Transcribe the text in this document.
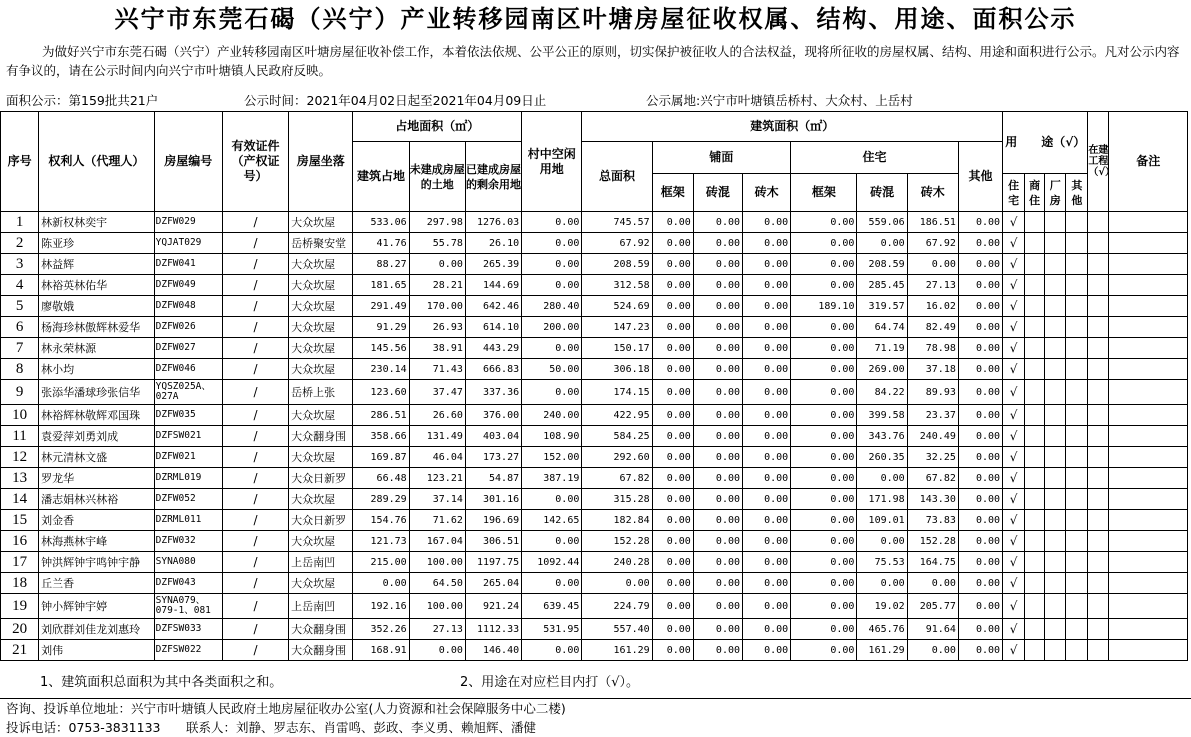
兴宁市东莞石碣（兴宁）产业转移园南区叶塘房屋征收权属、结构、用途、面积公示
为做好兴宁市东莞石碣（兴宁）产业转移园南区叶塘房屋征收补偿工作，本着依法依规、公平公正的原则，切实保护被征收人的合法权益，现将所征收的房屋权属、结构、用途和面积进行公示。凡对公示内容有争议的，请在公示时间内向兴宁市叶塘镇人民政府反映。
面积公示：第159批共21户	公示时间：2021年04月02日起至2021年04月09日止	公示属地:兴宁市叶塘镇岳桥村、大众村、上岳村
序号	权利人（代理人）	房屋编号	有效证件（产权证号）	房屋坐落	占地面积（㎡）			村中空闲用地	建筑面积（㎡）								用　　途（√）				在建工程（√）	备注
					建筑占地	未建成房屋的土地	已建成房屋的剩余用地		总面积	铺面			住宅			其他						
										框架	砖混	砖木	框架	砖混	砖木		住宅	商住	厂房	其他		
1	林新权林奕宇	DZFW029	/	大众坎屋	533.06	297.98	1276.03	0.00	745.57	0.00	0.00	0.00	0.00	559.06	186.51	0.00	√					
2	陈亚珍	YQJAT029	/	岳桥聚安堂	41.76	55.78	26.10	0.00	67.92	0.00	0.00	0.00	0.00	0.00	67.92	0.00	√					
3	林益辉	DZFW041	/	大众坎屋	88.27	0.00	265.39	0.00	208.59	0.00	0.00	0.00	0.00	208.59	0.00	0.00	√					
4	林裕英林佑华	DZFW049	/	大众坎屋	181.65	28.21	144.69	0.00	312.58	0.00	0.00	0.00	0.00	285.45	27.13	0.00	√					
5	廖敬娥	DZFW048	/	大众坎屋	291.49	170.00	642.46	280.40	524.69	0.00	0.00	0.00	189.10	319.57	16.02	0.00	√					
6	杨海珍林傲辉林爱华	DZFW026	/	大众坎屋	91.29	26.93	614.10	200.00	147.23	0.00	0.00	0.00	0.00	64.74	82.49	0.00	√					
7	林永荣林源	DZFW027	/	大众坎屋	145.56	38.91	443.29	0.00	150.17	0.00	0.00	0.00	0.00	71.19	78.98	0.00	√					
8	林小均	DZFW046	/	大众坎屋	230.14	71.43	666.83	50.00	306.18	0.00	0.00	0.00	0.00	269.00	37.18	0.00	√					
9	张添华潘球珍张信华	YQSZ025A、027A	/	岳桥上张	123.60	37.47	337.36	0.00	174.15	0.00	0.00	0.00	0.00	84.22	89.93	0.00	√					
10	林裕辉林敬辉邓国珠	DZFW035	/	大众坎屋	286.51	26.60	376.00	240.00	422.95	0.00	0.00	0.00	0.00	399.58	23.37	0.00	√					
11	袁爱萍刘勇刘成	DZFSW021	/	大众翻身围	358.66	131.49	403.04	108.90	584.25	0.00	0.00	0.00	0.00	343.76	240.49	0.00	√					
12	林元清林文盛	DZFW021	/	大众坎屋	169.87	46.04	173.27	152.00	292.60	0.00	0.00	0.00	0.00	260.35	32.25	0.00	√					
13	罗龙华	DZRML019	/	大众日新罗	66.48	123.21	54.87	387.19	67.82	0.00	0.00	0.00	0.00	0.00	67.82	0.00	√					
14	潘志娟林兴林裕	DZFW052	/	大众坎屋	289.29	37.14	301.16	0.00	315.28	0.00	0.00	0.00	0.00	171.98	143.30	0.00	√					
15	刘金香	DZRML011	/	大众日新罗	154.76	71.62	196.69	142.65	182.84	0.00	0.00	0.00	0.00	109.01	73.83	0.00	√					
16	林海燕林宇峰	DZFW032	/	大众坎屋	121.73	167.04	306.51	0.00	152.28	0.00	0.00	0.00	0.00	0.00	152.28	0.00	√					
17	钟洪辉钟宇鸣钟宇静	SYNA080	/	上岳南凹	215.00	100.00	1197.75	1092.44	240.28	0.00	0.00	0.00	0.00	75.53	164.75	0.00	√					
18	丘兰香	DZFW043	/	大众坎屋	0.00	64.50	265.04	0.00	0.00	0.00	0.00	0.00	0.00	0.00	0.00	0.00	√					
19	钟小辉钟宇婷	SYNA079、079-1、081	/	上岳南凹	192.16	100.00	921.24	639.45	224.79	0.00	0.00	0.00	0.00	19.02	205.77	0.00	√					
20	刘欣群刘佳龙刘惠玲	DZFSW033	/	大众翻身围	352.26	27.13	1112.33	531.95	557.40	0.00	0.00	0.00	0.00	465.76	91.64	0.00	√					
21	刘伟	DZFSW022	/	大众翻身围	168.91	0.00	146.40	0.00	161.29	0.00	0.00	0.00	0.00	161.29	0.00	0.00	√					
1、建筑面积总面积为其中各类面积之和。	2、用途在对应栏目内打（√）。
咨询、投诉单位地址：兴宁市叶塘镇人民政府土地房屋征收办公室(人力资源和社会保障服务中心二楼)
投诉电话：0753-3831133 联系人：刘静、罗志东、肖雷鸣、彭政、李义勇、赖旭辉、潘健
